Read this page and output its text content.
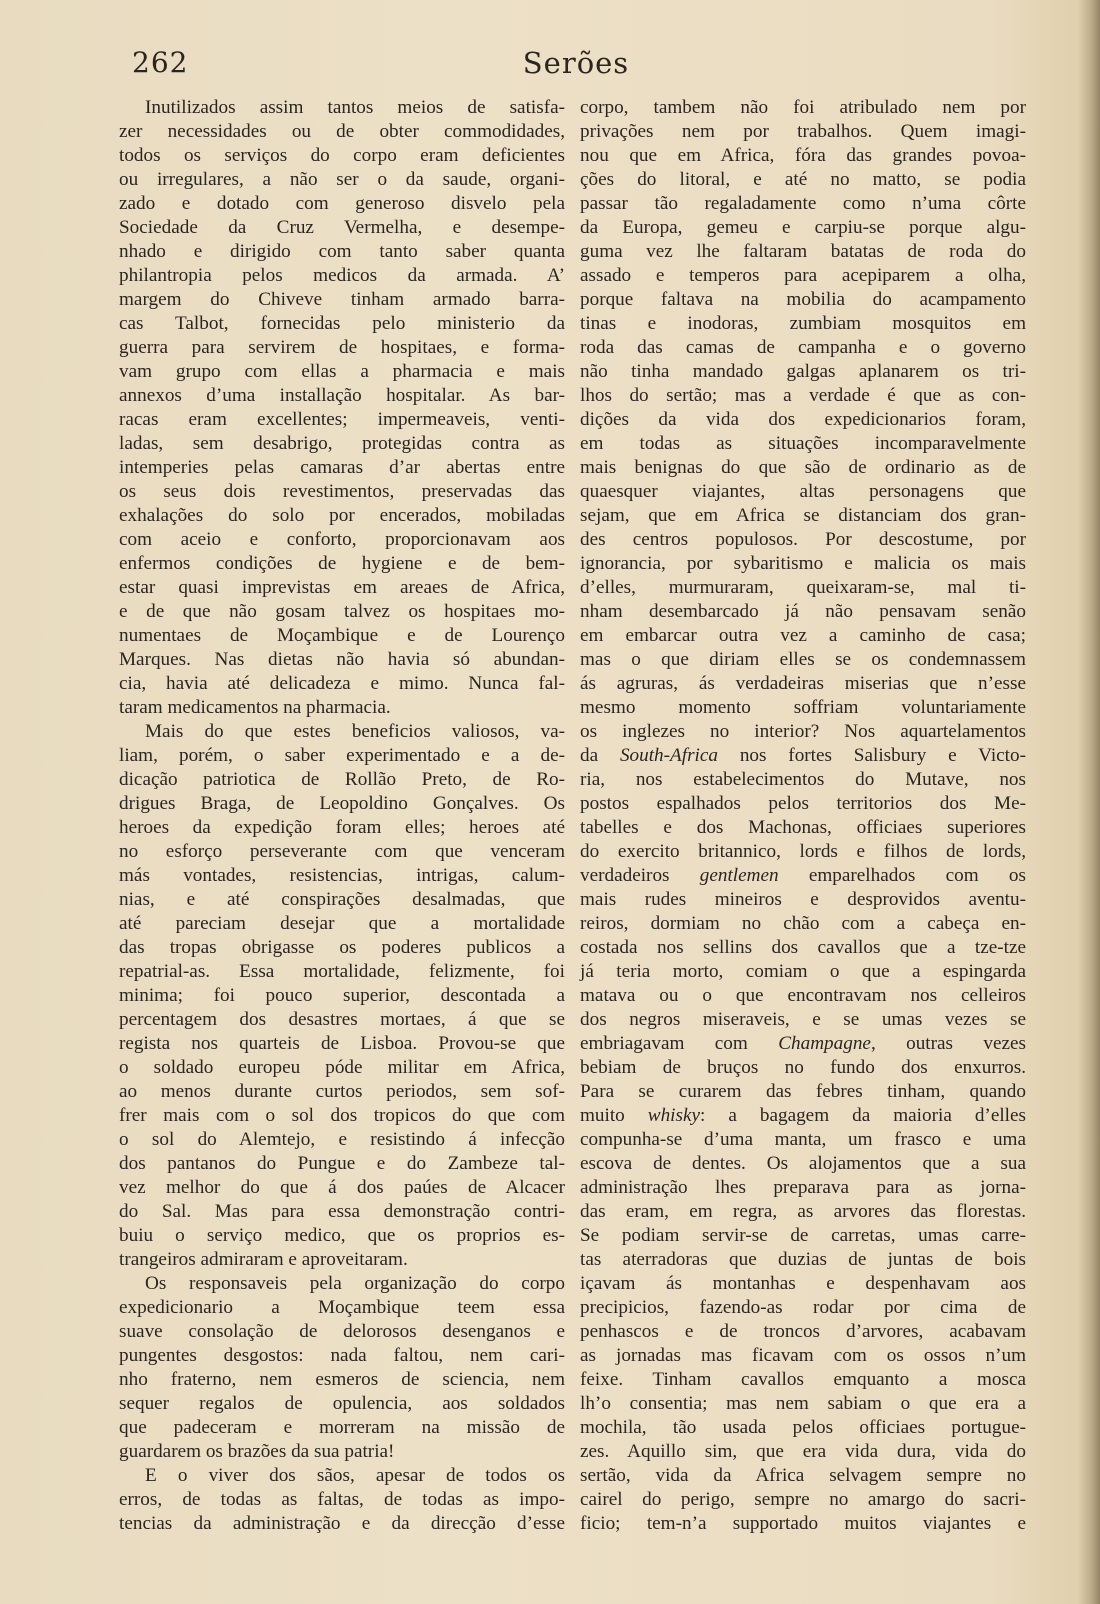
262	Serões
Inutilizados assim tantos meios de satisfa-
zer necessidades ou de obter commodidades,
todos os serviços do corpo eram deficientes
ou irregulares, a não ser o da saude, organi-
zado e dotado com generoso disvelo pela
Sociedade da Cruz Vermelha, e desempe-
nhado e dirigido com tanto saber quanta
philantropia pelos medicos da armada. A’
margem do Chiveve tinham armado barra-
cas Talbot, fornecidas pelo ministerio da
guerra para servirem de hospitaes, e forma-
vam grupo com ellas a pharmacia e mais
annexos d’uma installação hospitalar. As bar-
racas eram excellentes; impermeaveis, venti-
ladas, sem desabrigo, protegidas contra as
intemperies pelas camaras d’ar abertas entre
os seus dois revestimentos, preservadas das
exhalações do solo por encerados, mobiladas
com aceio e conforto, proporcionavam aos
enfermos condições de hygiene e de bem-
estar quasi imprevistas em areaes de Africa,
e de que não gosam talvez os hospitaes mo-
numentaes de Moçambique e de Lourenço
Marques. Nas dietas não havia só abundan-
cia, havia até delicadeza e mimo. Nunca fal-
taram medicamentos na pharmacia.
Mais do que estes beneficios valiosos, va-
liam, porém, o saber experimentado e a de-
dicação patriotica de Rollão Preto, de Ro-
drigues Braga, de Leopoldino Gonçalves. Os
heroes da expedição foram elles; heroes até
no esforço perseverante com que venceram
más vontades, resistencias, intrigas, calum-
nias, e até conspirações desalmadas, que
até pareciam desejar que a mortalidade
das tropas obrigasse os poderes publicos a
repatrial-as. Essa mortalidade, felizmente, foi
minima; foi pouco superior, descontada a
percentagem dos desastres mortaes, á que se
regista nos quarteis de Lisboa. Provou-se que
o soldado europeu póde militar em Africa,
ao menos durante curtos periodos, sem sof-
frer mais com o sol dos tropicos do que com
o sol do Alemtejo, e resistindo á infecção
dos pantanos do Pungue e do Zambeze tal-
vez melhor do que á dos paúes de Alcacer
do Sal. Mas para essa demonstração contri-
buiu o serviço medico, que os proprios es-
trangeiros admiraram e aproveitaram.
Os responsaveis pela organização do corpo
expedicionario a Moçambique teem essa
suave consolação de delorosos desenganos e
pungentes desgostos: nada faltou, nem cari-
nho fraterno, nem esmeros de sciencia, nem
sequer regalos de opulencia, aos soldados
que padeceram e morreram na missão de
guardarem os brazões da sua patria!
E o viver dos sãos, apesar de todos os
erros, de todas as faltas, de todas as impo-
tencias da administração e da direcção d’esse
corpo, tambem não foi atribulado nem por
privações nem por trabalhos. Quem imagi-
nou que em Africa, fóra das grandes povoa-
ções do litoral, e até no matto, se podia
passar tão regaladamente como n’uma côrte
da Europa, gemeu e carpiu-se porque algu-
guma vez lhe faltaram batatas de roda do
assado e temperos para acepiparem a olha,
porque faltava na mobilia do acampamento
tinas e inodoras, zumbiam mosquitos em
roda das camas de campanha e o governo
não tinha mandado galgas aplanarem os tri-
lhos do sertão; mas a verdade é que as con-
dições da vida dos expedicionarios foram,
em todas as situações incomparavelmente
mais benignas do que são de ordinario as de
quaesquer viajantes, altas personagens que
sejam, que em Africa se distanciam dos gran-
des centros populosos. Por descostume, por
ignorancia, por sybaritismo e malicia os mais
d’elles, murmuraram, queixaram-se, mal ti-
nham desembarcado já não pensavam senão
em embarcar outra vez a caminho de casa;
mas o que diriam elles se os condemnassem
ás agruras, ás verdadeiras miserias que n’esse
mesmo momento soffriam voluntariamente
os inglezes no interior? Nos aquartelamentos
da South-Africa nos fortes Salisbury e Victo-
ria, nos estabelecimentos do Mutave, nos
postos espalhados pelos territorios dos Me-
tabelles e dos Machonas, officiaes superiores
do exercito britannico, lords e filhos de lords,
verdadeiros gentlemen emparelhados com os
mais rudes mineiros e desprovidos aventu-
reiros, dormiam no chão com a cabeça en-
costada nos sellins dos cavallos que a tze-tze
já teria morto, comiam o que a espingarda
matava ou o que encontravam nos celleiros
dos negros miseraveis, e se umas vezes se
embriagavam com Champagne, outras vezes
bebiam de bruços no fundo dos enxurros.
Para se curarem das febres tinham, quando
muito whisky: a bagagem da maioria d’elles
compunha-se d’uma manta, um frasco e uma
escova de dentes. Os alojamentos que a sua
administração lhes preparava para as jorna-
das eram, em regra, as arvores das florestas.
Se podiam servir-se de carretas, umas carre-
tas aterradoras que duzias de juntas de bois
içavam ás montanhas e despenhavam aos
precipicios, fazendo-as rodar por cima de
penhascos e de troncos d’arvores, acabavam
as jornadas mas ficavam com os ossos n’um
feixe. Tinham cavallos emquanto a mosca
lh’o consentia; mas nem sabiam o que era a
mochila, tão usada pelos officiaes portugue-
zes. Aquillo sim, que era vida dura, vida do
sertão, vida da Africa selvagem sempre no
cairel do perigo, sempre no amargo do sacri-
ficio; tem-n’a supportado muitos viajantes e
